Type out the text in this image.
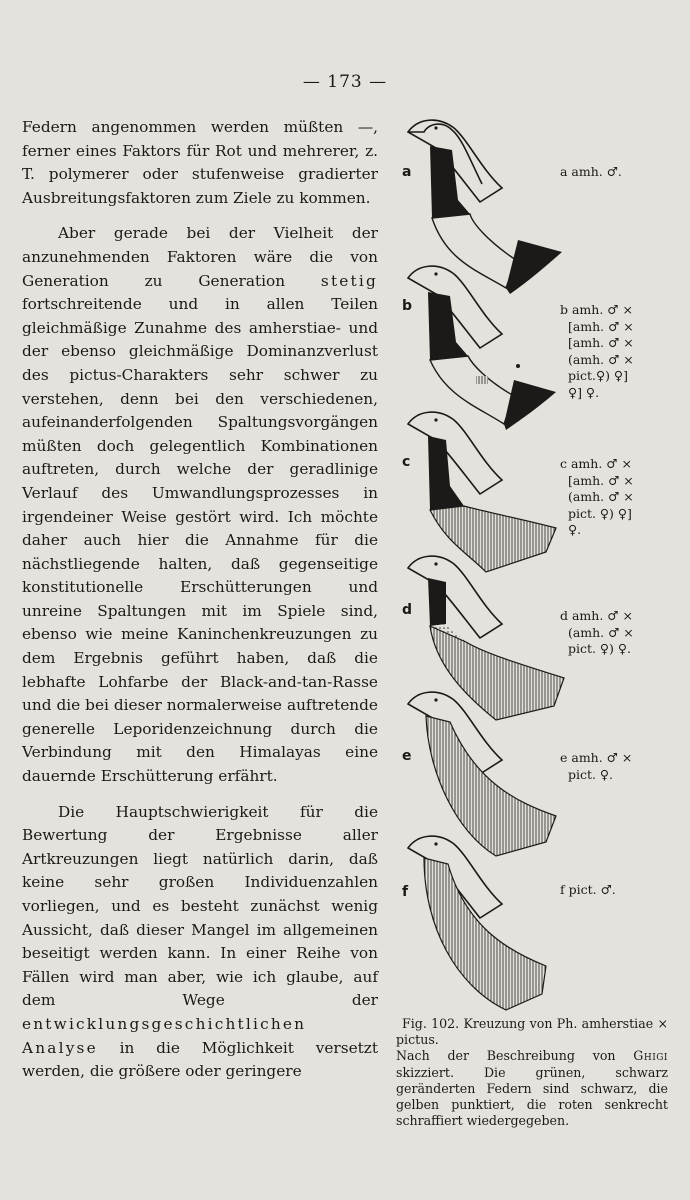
— 173 —

Federn angenommen werden müßten —, ferner eines Faktors für Rot und mehrerer, z. T. polymerer oder stufenweise gradierter Ausbreitungsfaktoren zum Ziele zu kommen.

Aber gerade bei der Vielheit der anzunehmenden Faktoren wäre die von Generation zu Generation stetig fortschreitende und in allen Teilen gleichmäßige Zunahme des amherstiae- und der ebenso gleichmäßige Dominanzverlust des pictus-Charakters sehr schwer zu verstehen, denn bei den verschiedenen, aufeinanderfolgenden Spaltungsvorgängen müßten doch gelegentlich Kombinationen auftreten, durch welche der geradlinige Verlauf des Umwandlungsprozesses in irgendeiner Weise gestört wird. Ich möchte daher auch hier die Annahme für die nächstliegende halten, daß gegenseitige konstitutionelle Erschütterungen und unreine Spaltungen mit im Spiele sind, ebenso wie meine Kaninchenkreuzungen zu dem Ergebnis geführt haben, daß die lebhafte Lohfarbe der Black-and-tan-Rasse und die bei dieser normalerweise auftretende generelle Leporidenzeichnung durch die Verbindung mit den Himalayas eine dauernde Erschütterung erfährt.

Die Hauptschwierigkeit für die Bewertung der Ergebnisse aller Artkreuzungen liegt natürlich darin, daß keine sehr großen Individuenzahlen vorliegen, und es besteht zunächst wenig Aussicht, daß dieser Mangel im allgemeinen beseitigt werden kann. In einer Reihe von Fällen wird man aber, wie ich glaube, auf dem Wege der entwicklungsgeschichtlichen Analyse in die Möglichkeit versetzt werden, die größere oder geringere

a	a amh. ♂.
b	b amh. ♂ ×
[amh. ♂ ×
[amh. ♂ ×
(amh. ♂ ×
pict.♀) ♀]
♀] ♀.
c	c amh. ♂ ×
[amh. ♂ ×
(amh. ♂ ×
pict. ♀) ♀]
♀.
d	d amh. ♂ ×
(amh. ♂ ×
pict. ♀) ♀.
e	e amh. ♂ ×
pict. ♀.
f	f pict. ♂.

Fig. 102. Kreuzung von Ph. amherstiae × pictus.

Nach der Beschreibung von Ghigi skizziert. Die grünen, schwarz geränderten Federn sind schwarz, die gelben punktiert, die roten senkrecht schraffiert wiedergegeben.
